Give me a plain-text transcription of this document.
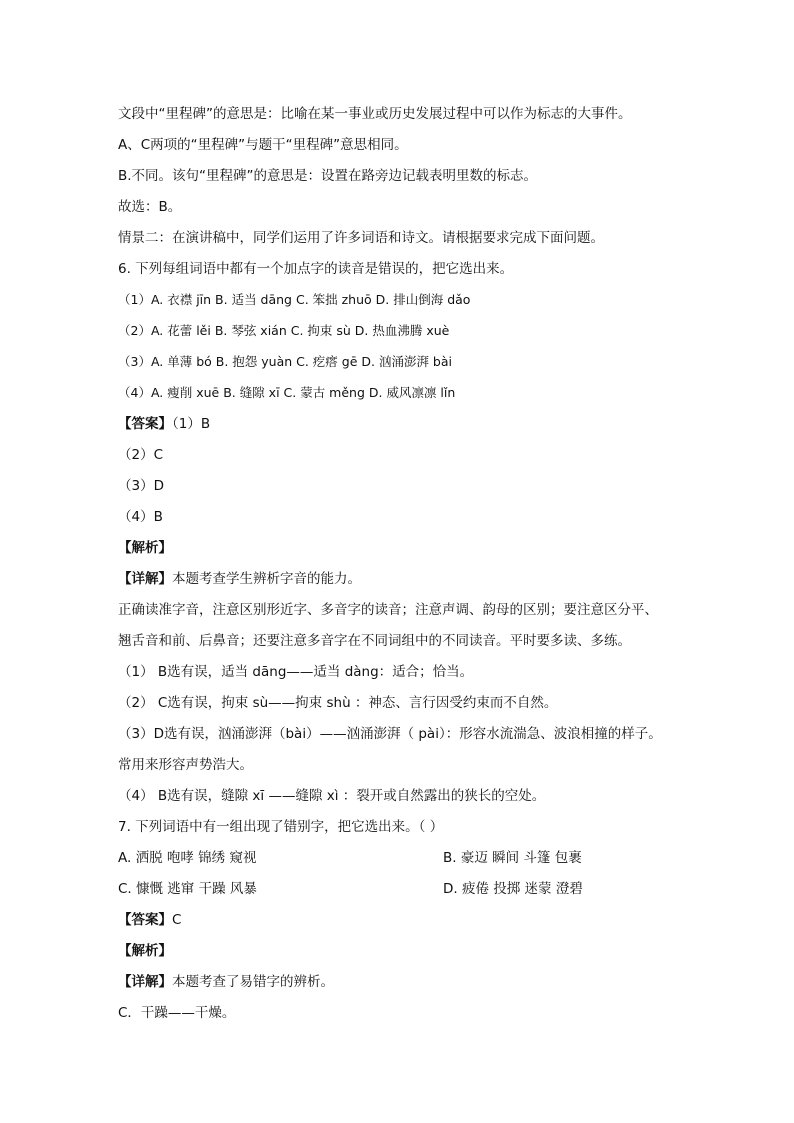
文段中“里程碑”的意思是：比喻在某一事业或历史发展过程中可以作为标志的大事件。
A、C两项的“里程碑”与题干“里程碑”意思相同。
B.不同。该句“里程碑”的意思是：设置在路旁边记载表明里数的标志。
故选：B。
情景二：在演讲稿中，同学们运用了许多词语和诗文。请根据要求完成下面问题。
6. 下列每组词语中都有一个加点字的读音是错误的，把它选出来。
（1）A. 衣襟 jīn B. 适当 dāng C. 笨拙 zhuō D. 排山倒海 dǎo
（2）A. 花蕾 lěi B. 琴弦 xián C. 拘束 sù D. 热血沸腾 xuè
（3）A. 单薄 bó B. 抱怨 yuàn C. 疙瘩 gē D. 汹涌澎湃 bài
（4）A. 瘦削 xuē B. 缝隙 xī C. 蒙古 měng D. 威风凛凛 lǐn
【答案】（1）B
（2）C
（3）D
（4）B
【解析】
【详解】本题考查学生辨析字音的能力。
正确读准字音，注意区别形近字、多音字的读音；注意声调、韵母的区别；要注意区分平、
翘舌音和前、后鼻音；还要注意多音字在不同词组中的不同读音。平时要多读、多练。
（1） B选有误，适当 dāng——适当 dàng：适合；恰当。
（2） C选有误，拘束 sù——拘束 shù ：神态、言行因受约束而不自然。
（3）D选有误，汹涌澎湃（bài）——汹涌澎湃（ pài）：形容水流湍急、波浪相撞的样子。
常用来形容声势浩大。
（4） B选有误，缝隙 xī ——缝隙 xì ：裂开或自然露出的狭长的空处。
7. 下列词语中有一组出现了错别字，把它选出来。（ ）
A. 洒脱 咆哮 锦绣 窥视	B. 豪迈 瞬间 斗篷 包裹
C. 慷慨 逃窜 干躁 风暴	D. 疲倦 投掷 迷蒙 澄碧
【答案】C
【解析】
【详解】本题考查了易错字的辨析。
C．干躁——干燥。
